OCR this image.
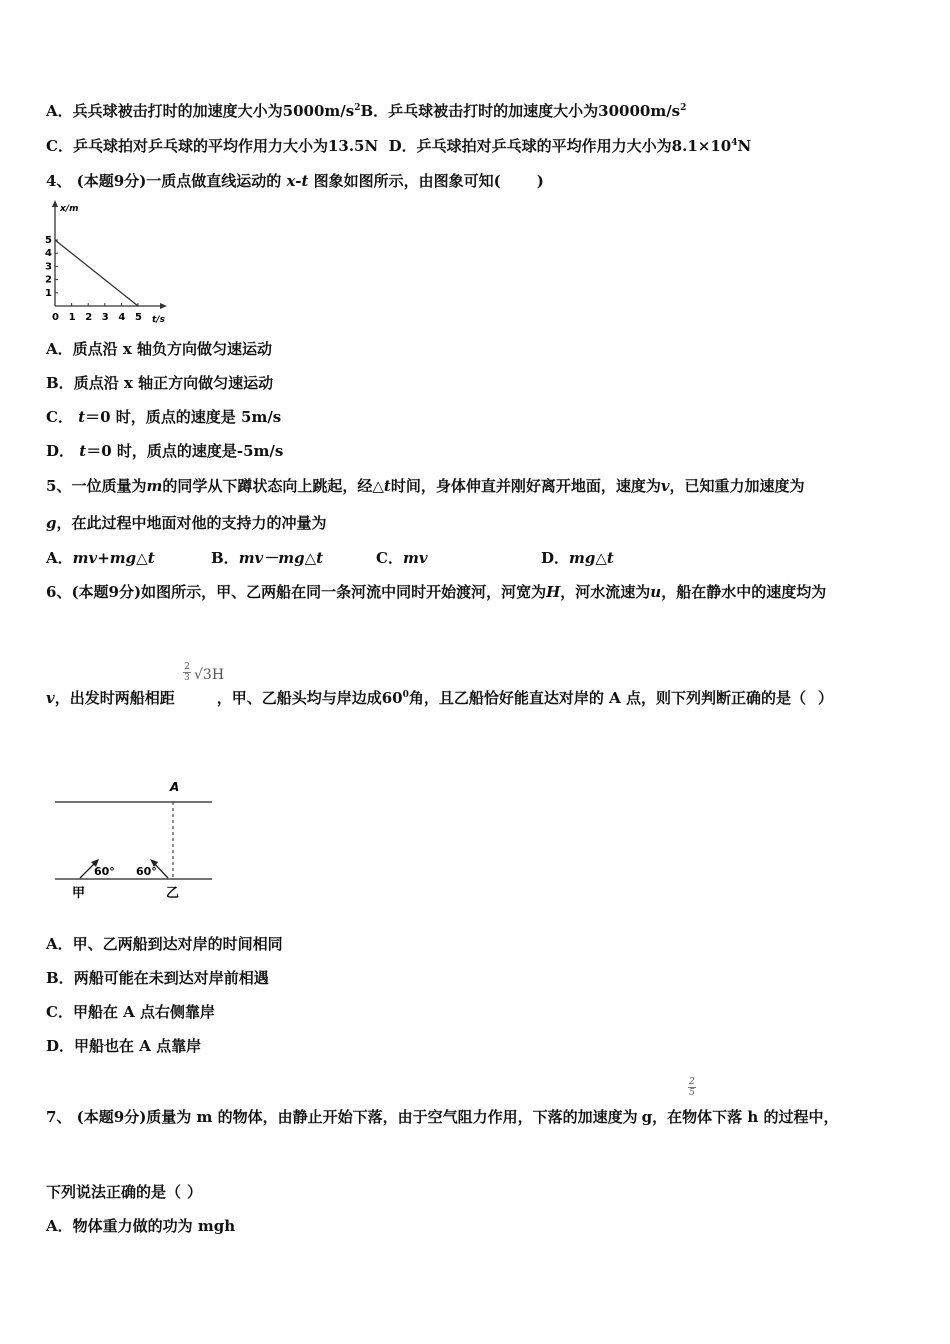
A．兵兵球被击打时的加速度大小为$5000m/s^2B$．乒乓球被击打时的加速度大小为$30000m/s^2$
C．乒乓球拍对乒乓球的平均作用力大小为13.5N D．乒乓球拍对乒乓球的平均作用力大小为$8.1\times 10^4N$
4、 (本题9分)一质点做直线运动的 x-t 图象如图所示，由图象可知( )
x/m
t/s
1
2
3
4
5
0 1 2 3 4 5
A．质点沿 x 轴负方向做匀速运动
B．质点沿 x 轴正方向做匀速运动
C． t＝0 时，质点的速度是 5m/s
D． t＝0 时，质点的速度是-5m/s
5、一位质量为m的同学从下蹲状态向上跳起，经△t时间，身体伸直并刚好离开地面，速度为v，已知重力加速度为
g，在此过程中地面对他的支持力的冲量为
A．mv+mg△t	B．mv－mg△t	C．mv	D．mg△t
6、(本题9分)如图所示，甲、乙两船在同一条河流中同时开始渡河，河宽为H，河水流速为u，船在静水中的速度均为
2
3 √3H
v，出发时两船相距	，甲、乙船头均与岸边成$60^0$角，且乙船恰好能直达对岸的 A 点，则下列判断正确的是（ ）
A
60° 60°
甲	乙
A．甲、乙两船到达对岸的时间相同
B．两船可能在未到达对岸前相遇
C．甲船在 A 点右侧靠岸
D．甲船也在 A 点靠岸
2
5
7、 (本题9分)质量为 m 的物体，由静止开始下落，由于空气阻力作用，下落的加速度为 g，在物体下落 h 的过程中，
下列说法正确的是（ ）
A．物体重力做的功为 mgh
